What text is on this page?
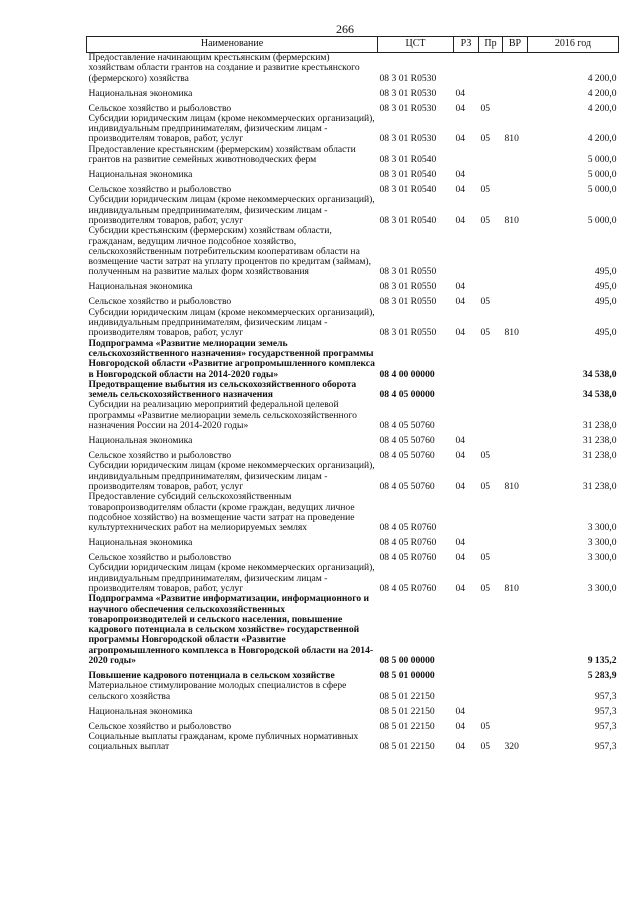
266
Наименование	ЦСТ	РЗ	Пр	ВР	2016 год
Предоставление начинающим крестьянским (фермерским) хозяйствам области грантов на создание и развитие крестьянского (фермерского) хозяйства	08 3 01 R0530				4 200,0
Национальная экономика	08 3 01 R0530	04			4 200,0
Сельское хозяйство и рыболовство	08 3 01 R0530	04	05		4 200,0
Субсидии юридическим лицам (кроме некоммерческих организаций), индивидуальным предпринимателям, физическим лицам - производителям товаров, работ, услуг	08 3 01 R0530	04	05	810	4 200,0
Предоставление крестьянским (фермерским) хозяйствам области грантов на развитие семейных животноводческих ферм	08 3 01 R0540				5 000,0
Национальная экономика	08 3 01 R0540	04			5 000,0
Сельское хозяйство и рыболовство	08 3 01 R0540	04	05		5 000,0
Субсидии юридическим лицам (кроме некоммерческих организаций), индивидуальным предпринимателям, физическим лицам - производителям товаров, работ, услуг	08 3 01 R0540	04	05	810	5 000,0
Субсидии крестьянским (фермерским) хозяйствам области, гражданам, ведущим личное подсобное хозяйство, сельскохозяйственным потребительским кооперативам области на возмещение части затрат на уплату процентов по кредитам (займам), полученным на развитие малых форм хозяйствования	08 3 01 R0550				495,0
Национальная экономика	08 3 01 R0550	04			495,0
Сельское хозяйство и рыболовство	08 3 01 R0550	04	05		495,0
Субсидии юридическим лицам (кроме некоммерческих организаций), индивидуальным предпринимателям, физическим лицам - производителям товаров, работ, услуг	08 3 01 R0550	04	05	810	495,0
Подпрограмма «Развитие мелиорации земель сельскохозяйственного назначения» государственной программы Новгородской области «Развитие агропромышленного комплекса в Новгородской области на 2014-2020 годы»	08 4 00 00000				34 538,0
Предотвращение выбытия из сельскохозяйственного оборота земель сельскохозяйственного назначения	08 4 05 00000				34 538,0
Субсидии на реализацию мероприятий федеральной целевой программы «Развитие мелиорации земель сельскохозяйственного назначения России на 2014-2020 годы»	08 4 05 50760				31 238,0
Национальная экономика	08 4 05 50760	04			31 238,0
Сельское хозяйство и рыболовство	08 4 05 50760	04	05		31 238,0
Субсидии юридическим лицам (кроме некоммерческих организаций), индивидуальным предпринимателям, физическим лицам - производителям товаров, работ, услуг	08 4 05 50760	04	05	810	31 238,0
Предоставление субсидий сельскохозяйственным товаропроизводителям области (кроме граждан, ведущих личное подсобное хозяйство) на возмещение части затрат на проведение культуртехнических работ на мелиорируемых землях	08 4 05 R0760				3 300,0
Национальная экономика	08 4 05 R0760	04			3 300,0
Сельское хозяйство и рыболовство	08 4 05 R0760	04	05		3 300,0
Субсидии юридическим лицам (кроме некоммерческих организаций), индивидуальным предпринимателям, физическим лицам - производителям товаров, работ, услуг	08 4 05 R0760	04	05	810	3 300,0
Подпрограмма «Развитие информатизации, информационного и научного обеспечения сельскохозяйственных товаропроизводителей и сельского населения, повышение кадрового потенциала в сельском хозяйстве» государственной программы Новгородской области «Развитие агропромышленного комплекса в Новгородской области на 2014-2020 годы»	08 5 00 00000				9 135,2
Повышение кадрового потенциала в сельском хозяйстве	08 5 01 00000				5 283,9
Материальное стимулирование молодых специалистов в сфере сельского хозяйства	08 5 01 22150				957,3
Национальная экономика	08 5 01 22150	04			957,3
Сельское хозяйство и рыболовство	08 5 01 22150	04	05		957,3
Социальные выплаты гражданам, кроме публичных нормативных социальных выплат	08 5 01 22150	04	05	320	957,3
